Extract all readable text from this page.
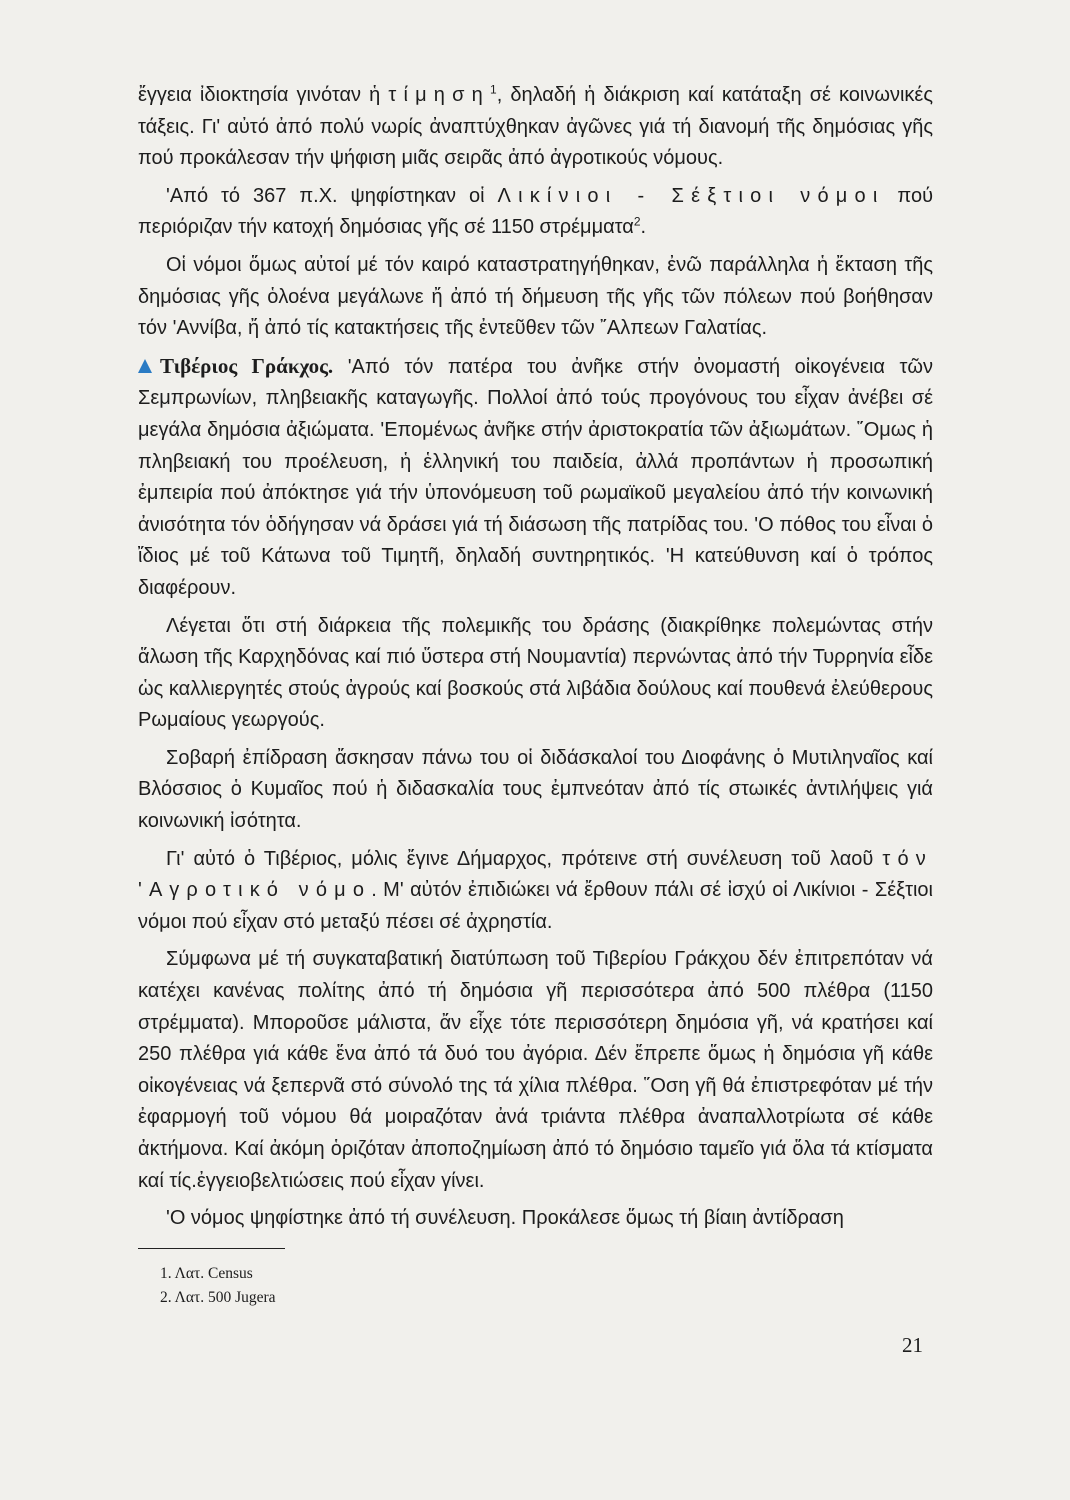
ἔγγεια ἰδιοκτησία γινόταν ἡ τίμηση$^1$, δηλαδή ἡ διάκριση καί κατάταξη σέ κοινωνικές τάξεις. Γι' αὐτό ἀπό πολύ νωρίς ἀναπτύχθηκαν ἀγῶνες γιά τή διανομή τῆς δημόσιας γῆς πού προκάλεσαν τήν ψήφιση μιᾶς σειρᾶς ἀπό ἀγροτικούς νόμους.

'Από τό 367 π.Χ. ψηφίστηκαν οἱ Λικίνιοι - Σέξτιοι νόμοι πού περιόριζαν τήν κατοχή δημόσιας γῆς σέ 1150 στρέμματα$^2$.

Οἱ νόμοι ὅμως αὐτοί μέ τόν καιρό καταστρατηγήθηκαν, ἐνῶ παράλληλα ἡ ἔκταση τῆς δημόσιας γῆς ὁλοένα μεγάλωνε ἤ ἀπό τή δήμευση τῆς γῆς τῶν πόλεων πού βοήθησαν τόν 'Αννίβα, ἤ ἀπό τίς κατακτήσεις τῆς ἐντεῦθεν τῶν ῎Αλπεων Γαλατίας.

Τιβέριος Γράκχος. 'Από τόν πατέρα του ἀνῆκε στήν ὀνομαστή οἰκογένεια τῶν Σεμπρωνίων, πληβειακῆς καταγωγῆς. Πολλοί ἀπό τούς προγόνους του εἶχαν ἀνέβει σέ μεγάλα δημόσια ἀξιώματα. 'Επομένως ἀνῆκε στήν ἀριστοκρατία τῶν ἀξιωμάτων. ῞Ομως ἡ πληβειακή του προέλευση, ἡ ἑλληνική του παιδεία, ἀλλά προπάντων ἡ προσωπική ἐμπειρία πού ἀπόκτησε γιά τήν ὑπονόμευση τοῦ ρωμαϊκοῦ μεγαλείου ἀπό τήν κοινωνική ἀνισότητα τόν ὁδήγησαν νά δράσει γιά τή διάσωση τῆς πατρίδας του. 'Ο πόθος του εἶναι ὁ ἴδιος μέ τοῦ Κάτωνα τοῦ Τιμητῆ, δηλαδή συντηρητικός. 'Η κατεύθυνση καί ὁ τρόπος διαφέρουν.

Λέγεται ὅτι στή διάρκεια τῆς πολεμικῆς του δράσης (διακρίθηκε πολεμώντας στήν ἅλωση τῆς Καρχηδόνας καί πιό ὕστερα στή Νουμαντία) περνώντας ἀπό τήν Τυρρηνία εἶδε ὡς καλλιεργητές στούς ἀγρούς καί βοσκούς στά λιβάδια δούλους καί πουθενά ἐλεύθερους Ρωμαίους γεωργούς.

Σοβαρή ἐπίδραση ἄσκησαν πάνω του οἱ διδάσκαλοί του Διοφάνης ὁ Μυτιληναῖος καί Βλόσσιος ὁ Κυμαῖος πού ἡ διδασκαλία τους ἐμπνεόταν ἀπό τίς στωικές ἀντιλήψεις γιά κοινωνική ἰσότητα.

Γι' αὐτό ὁ Τιβέριος, μόλις ἔγινε Δήμαρχος, πρότεινε στή συνέλευση τοῦ λαοῦ τόν 'Αγροτικό νόμο. Μ' αὐτόν ἐπιδιώκει νά ἔρθουν πάλι σέ ἰσχύ οἱ Λικίνιοι - Σέξτιοι νόμοι πού εἶχαν στό μεταξύ πέσει σέ ἀχρηστία.

Σύμφωνα μέ τή συγκαταβατική διατύπωση τοῦ Τιβερίου Γράκχου δέν ἐπιτρεπόταν νά κατέχει κανένας πολίτης ἀπό τή δημόσια γῆ περισσότερα ἀπό 500 πλέθρα (1150 στρέμματα). Μποροῦσε μάλιστα, ἄν εἶχε τότε περισσότερη δημόσια γῆ, νά κρατήσει καί 250 πλέθρα γιά κάθε ἕνα ἀπό τά δυό του ἀγόρια. Δέν ἔπρεπε ὅμως ἡ δημόσια γῆ κάθε οἰκογένειας νά ξεπερνᾶ στό σύνολό της τά χίλια πλέθρα. ῞Οση γῆ θά ἐπιστρεφόταν μέ τήν ἐφαρμογή τοῦ νόμου θά μοιραζόταν ἀνά τριάντα πλέθρα ἀναπαλλοτρίωτα σέ κάθε ἀκτήμονα. Καί ἀκόμη ὁριζόταν ἀποποζημίωση ἀπό τό δημόσιο ταμεῖο γιά ὅλα τά κτίσματα καί τίς.ἐγγειοβελτιώσεις πού εἶχαν γίνει.

'Ο νόμος ψηφίστηκε ἀπό τή συνέλευση. Προκάλεσε ὅμως τή βίαιη ἀντίδραση

1. Λατ. Census
2. Λατ. 500 Jugera
21
